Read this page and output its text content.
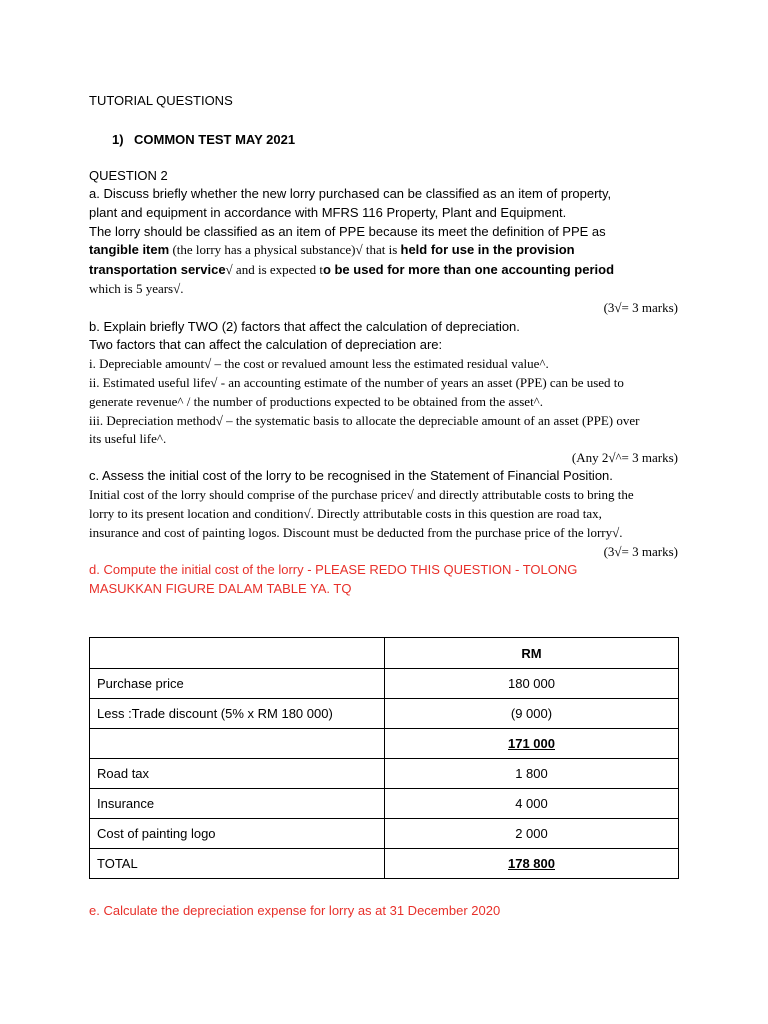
TUTORIAL QUESTIONS
1) COMMON TEST MAY 2021
QUESTION 2
a. Discuss briefly whether the new lorry purchased can be classified as an item of property,
plant and equipment in accordance with MFRS 116 Property, Plant and Equipment.
The lorry should be classified as an item of PPE because its meet the definition of PPE as
tangible item (the lorry has a physical substance)√ that is held for use in the provision
transportation service√ and is expected to be used for more than one accounting period
which is 5 years√.
(3√= 3 marks)
b. Explain briefly TWO (2) factors that affect the calculation of depreciation.
Two factors that can affect the calculation of depreciation are:
i. Depreciable amount√ – the cost or revalued amount less the estimated residual value^.
ii. Estimated useful life√ - an accounting estimate of the number of years an asset (PPE) can be used to
generate revenue^ / the number of productions expected to be obtained from the asset^.
iii. Depreciation method√ – the systematic basis to allocate the depreciable amount of an asset (PPE) over
its useful life^.
(Any 2√^= 3 marks)
c. Assess the initial cost of the lorry to be recognised in the Statement of Financial Position.
Initial cost of the lorry should comprise of the purchase price√ and directly attributable costs to bring the
lorry to its present location and condition√. Directly attributable costs in this question are road tax,
insurance and cost of painting logos. Discount must be deducted from the purchase price of the lorry√.
(3√= 3 marks)
d. Compute the initial cost of the lorry - PLEASE REDO THIS QUESTION - TOLONG
MASUKKAN FIGURE DALAM TABLE YA. TQ
	RM
Purchase price	180 000
Less :Trade discount (5% x RM 180 000)	(9 000)
	171 000
Road tax	1 800
Insurance	4 000
Cost of painting logo	2 000
TOTAL	178 800
e. Calculate the depreciation expense for lorry as at 31 December 2020
